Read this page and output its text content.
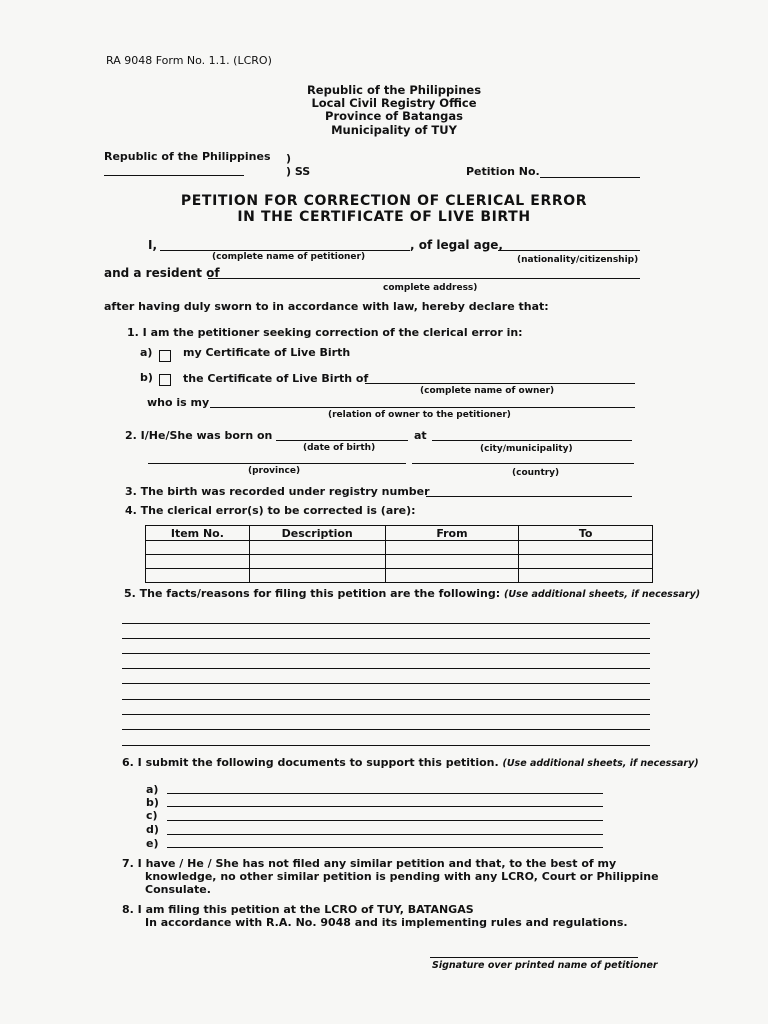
RA 9048 Form No. 1.1. (LCRO)
Republic of the Philippines
Local Civil Registry Office
Province of Batangas
Municipality of TUY
Republic of the Philippines )
) SS	Petition No.
PETITION FOR CORRECTION OF CLERICAL ERROR
IN THE CERTIFICATE OF LIVE BIRTH
I,	, of legal age,
(complete name of petitioner)	(nationality/citizenship)
and a resident of
complete address)
after having duly sworn to in accordance with law, hereby declare that:
1. I am the petitioner seeking correction of the clerical error in:
a)	my Certificate of Live Birth
b)	the Certificate of Live Birth of
(complete name of owner)
who is my
(relation of owner to the petitioner)
2. I/He/She was born on	at
(date of birth)	(city/municipality)
(province)	(country)
3. The birth was recorded under registry number
4. The clerical error(s) to be corrected is (are):
Item No.	Description	From	To

5. The facts/reasons for filing this petition are the following: (Use additional sheets, if necessary)
6. I submit the following documents to support this petition. (Use additional sheets, if necessary)
a)
b)
c)
d)
e)
7. I have / He / She has not filed any similar petition and that, to the best of my
knowledge, no other similar petition is pending with any LCRO, Court or Philippine
Consulate.
8. I am filing this petition at the LCRO of TUY, BATANGAS
In accordance with R.A. No. 9048 and its implementing rules and regulations.
Signature over printed name of petitioner
